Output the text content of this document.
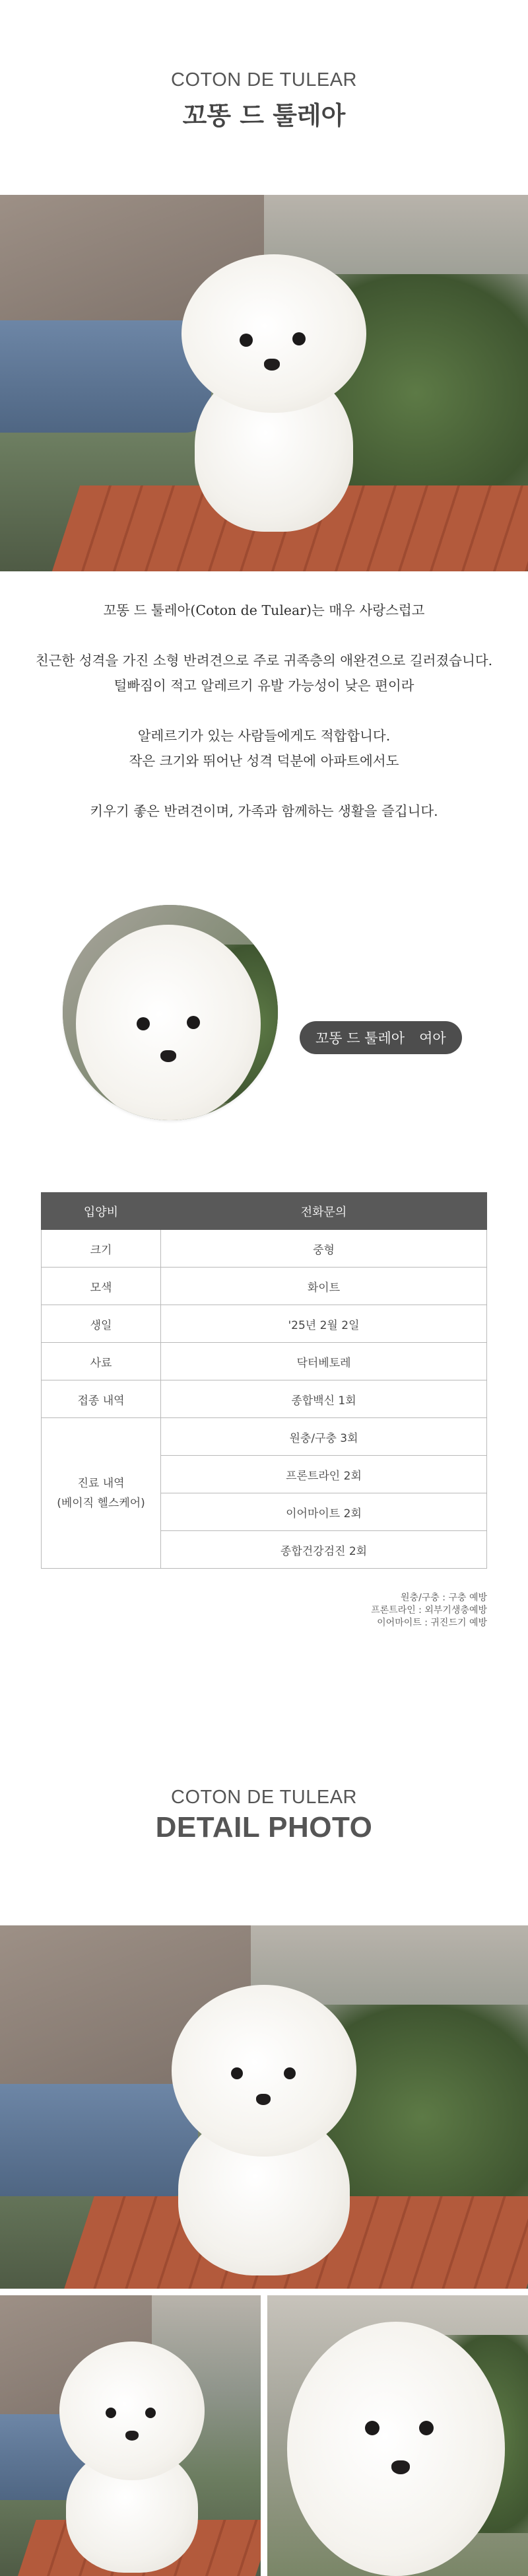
COTON DE TULEAR
꼬똥 드 툴레아

꼬똥 드 툴레아(Coton de Tulear)는 매우 사랑스럽고

친근한 성격을 가진 소형 반려견으로 주로 귀족층의 애완견으로 길러졌습니다.

털빠짐이 적고 알레르기 유발 가능성이 낮은 편이라

알레르기가 있는 사람들에게도 적합합니다.

작은 크기와 뛰어난 성격 덕분에 아파트에서도

키우기 좋은 반려견이며, 가족과 함께하는 생활을 즐깁니다.

꼬똥 드 툴레아 여아
입양비	전화문의
크기	중형
모색	화이트
생일	'25년 2월 2일
사료	닥터베토레
접종 내역	종합백신 1회

진료 내역
(베이직 헬스케어)	원충/구충 3회
	프론트라인 2회
	이어마이트 2회
	종합건강검진 2회
원충/구충 : 구충 예방
프론트라인 : 외부기생충예방
이어마이트 : 귀진드기 예방
COTON DE TULEAR
DETAIL PHOTO
